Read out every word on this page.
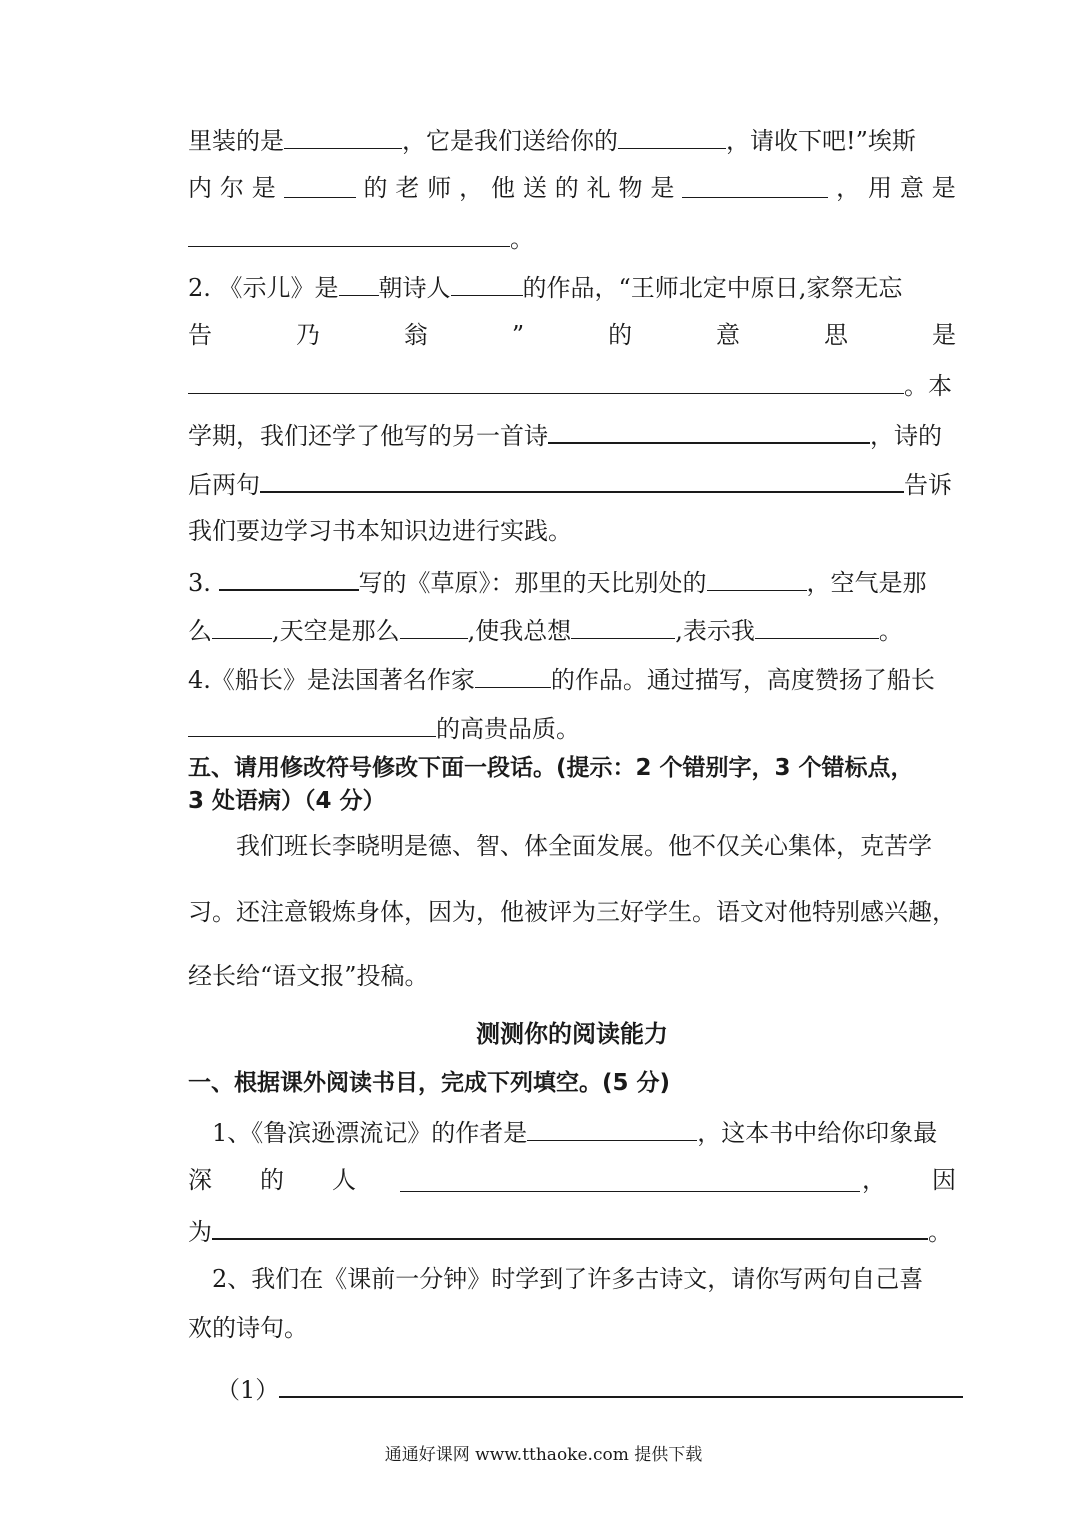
里装的是	，它是我们送给你的	，请收下吧!”埃斯
内 尔 是	的 老 师 ， 他 送 的 礼 物 是	， 用 意 是
。
2. 《示儿》是 朝诗人	的作品，“王师北定中原日,家祭无忘
告	乃	翁	”	的	意	思	是
。本
学期，我们还学了他写的另一首诗	，诗的
后两句	告诉
我们要边学习书本知识边进行实践。
3.	写的《草原》：那里的天比别处的	，空气是那
么	,天空是那么	,使我总想	,表示我	。
4.《船长》是法国著名作家	的作品。通过描写，高度赞扬了船长
的高贵品质。
五、请用修改符号修改下面一段话。(提示：2 个错别字，3 个错标点，
3 处语病）（4 分）
我们班长李晓明是德、智、体全面发展。他不仅关心集体，克苦学
习。还注意锻炼身体，因为，他被评为三好学生。语文对他特别感兴趣，
经长给“语文报”投稿。
测测你的阅读能力
一、根据课外阅读书目，完成下列填空。(5 分)
1、《鲁滨逊漂流记》的作者是	，这本书中给你印象最
深 的 人	， 因
为	。
2、我们在《课前一分钟》时学到了许多古诗文，请你写两句自己喜
欢的诗句。
（1）
通通好课网 www.tthaoke.com 提供下载
